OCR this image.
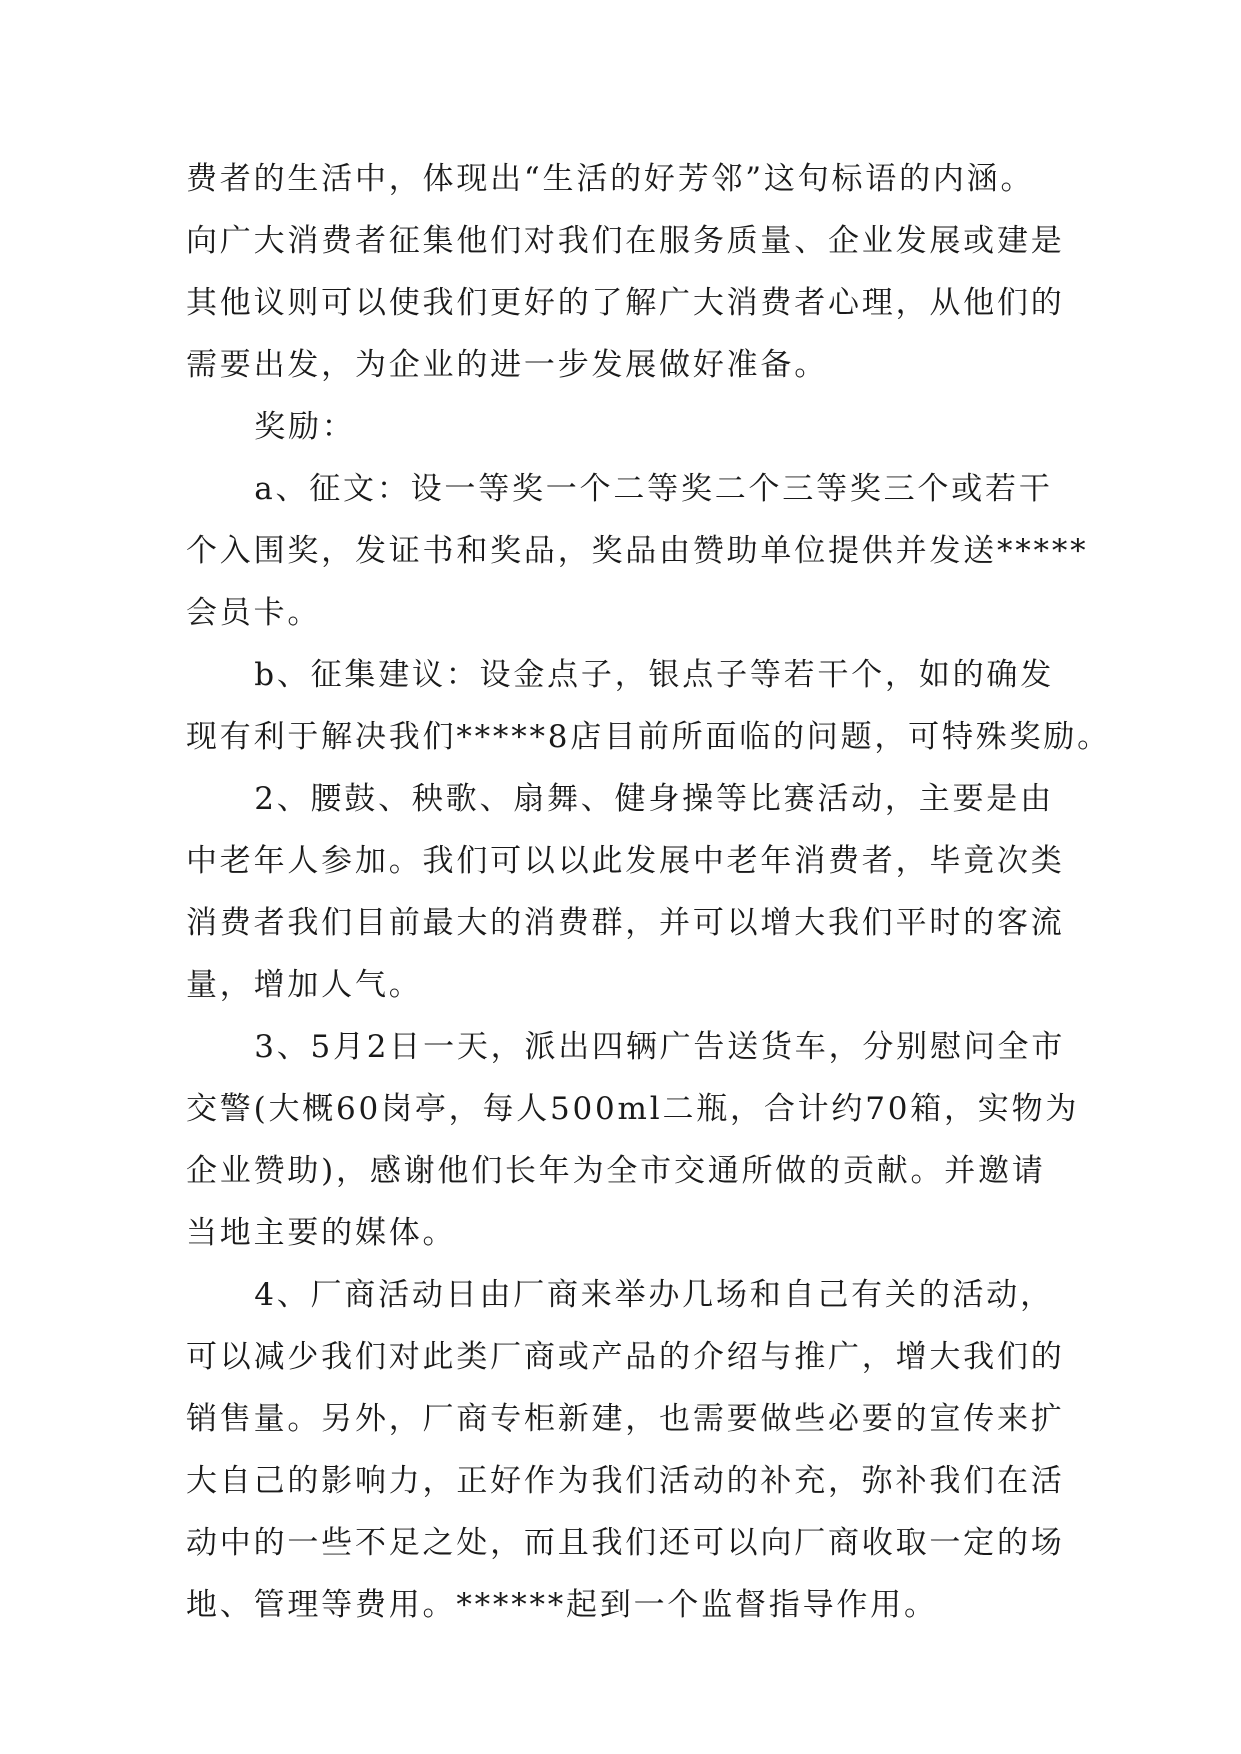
费者的生活中，体现出“生活的好芳邻”这句标语的内涵。
向广大消费者征集他们对我们在服务质量、企业发展或建是
其他议则可以使我们更好的了解广大消费者心理，从他们的
需要出发，为企业的进一步发展做好准备。

奖励：

a、征文：设一等奖一个二等奖二个三等奖三个或若干
个入围奖，发证书和奖品，奖品由赞助单位提供并发送*****
会员卡。

b、征集建议：设金点子，银点子等若干个，如的确发
现有利于解决我们*****8店目前所面临的问题，可特殊奖励。

2、腰鼓、秧歌、扇舞、健身操等比赛活动，主要是由
中老年人参加。我们可以以此发展中老年消费者，毕竟次类
消费者我们目前最大的消费群，并可以增大我们平时的客流
量，增加人气。

3、5月2日一天，派出四辆广告送货车，分别慰问全市
交警(大概60岗亭，每人500ml二瓶，合计约70箱，实物为
企业赞助)，感谢他们长年为全市交通所做的贡献。并邀请
当地主要的媒体。

4、厂商活动日由厂商来举办几场和自己有关的活动，
可以减少我们对此类厂商或产品的介绍与推广，增大我们的
销售量。另外，厂商专柜新建，也需要做些必要的宣传来扩
大自己的影响力，正好作为我们活动的补充，弥补我们在活
动中的一些不足之处，而且我们还可以向厂商收取一定的场
地、管理等费用。******起到一个监督指导作用。
